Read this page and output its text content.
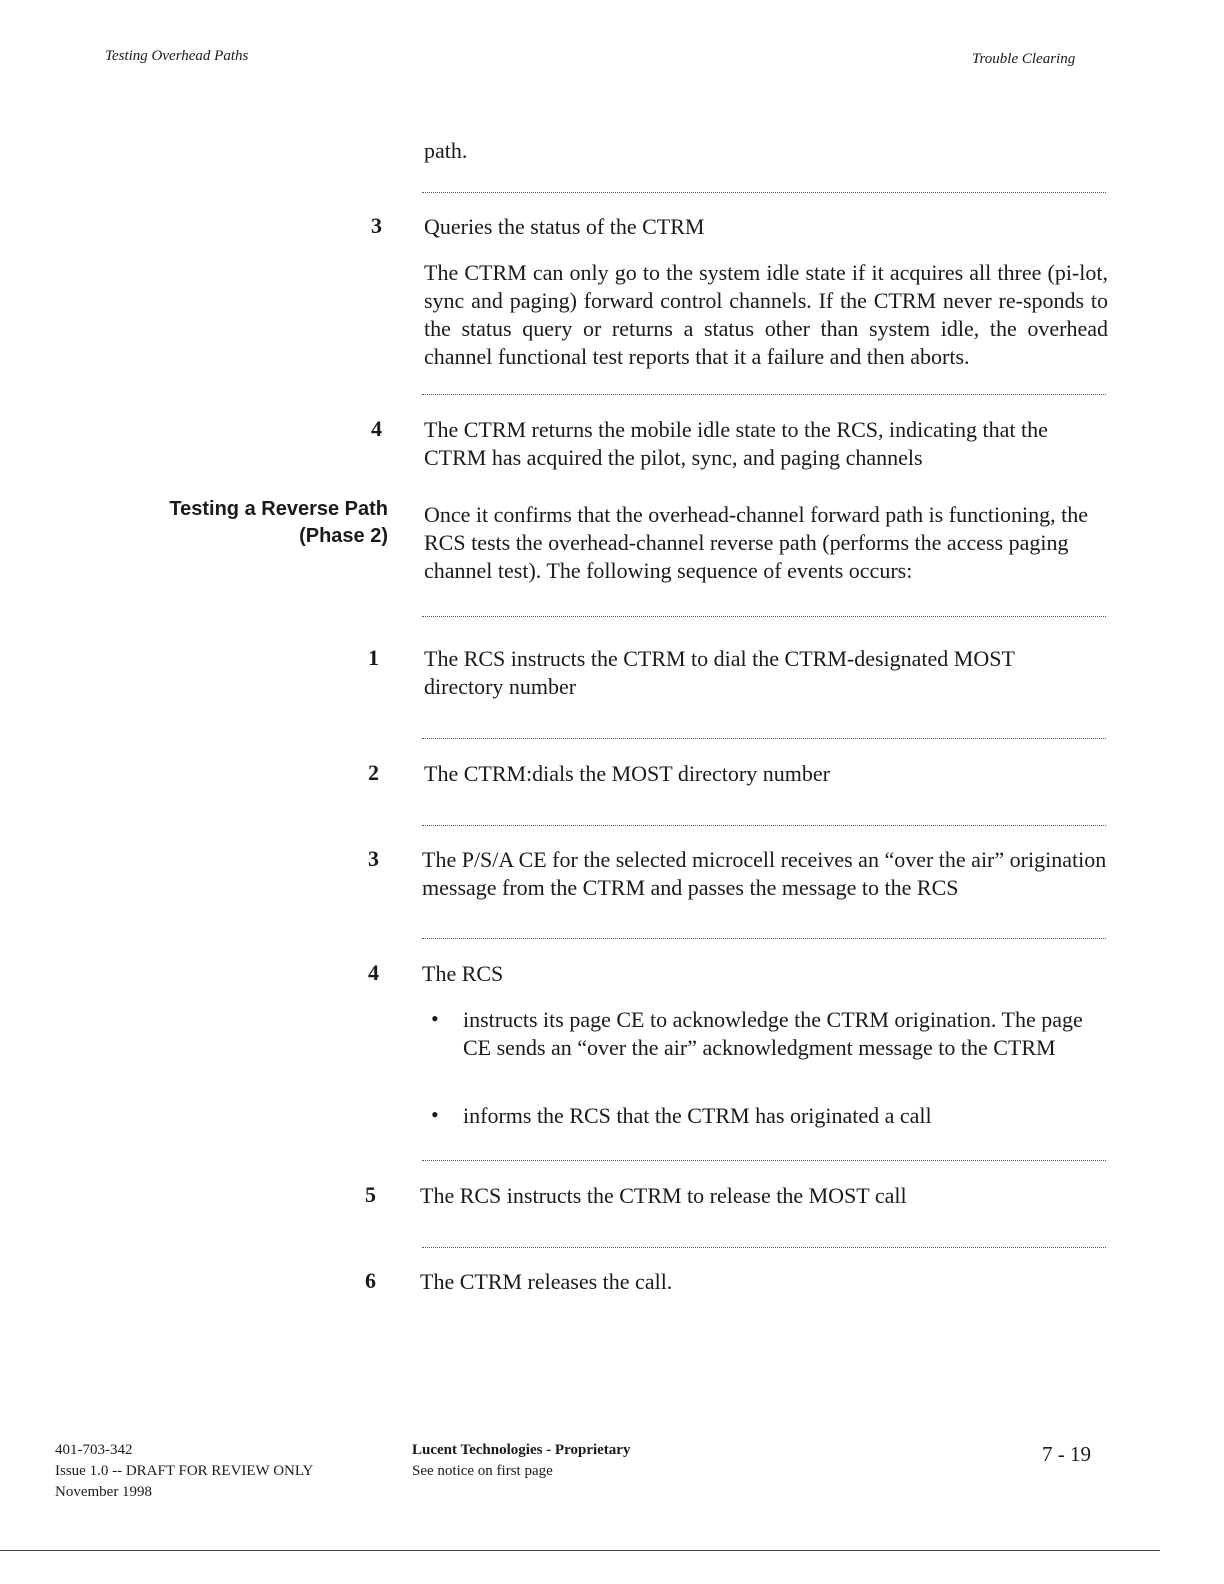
Testing Overhead Paths	Trouble Clearing
path.
3 Queries the status of the CTRM
The CTRM can only go to the system idle state if it acquires all three (pi-lot, sync and paging) forward control channels. If the CTRM never re-sponds to the status query or returns a status other than system idle, the overhead channel functional test reports that it a failure and then aborts.
4 The CTRM returns the mobile idle state to the RCS, indicating that the CTRM has acquired the pilot, sync, and paging channels
Testing a Reverse Path
(Phase 2)
Once it confirms that the overhead-channel forward path is functioning, the RCS tests the overhead-channel reverse path (performs the access paging channel test). The following sequence of events occurs:
1 The RCS instructs the CTRM to dial the CTRM-designated MOST directory number
2 The CTRM:dials the MOST directory number
3 The P/S/A CE for the selected microcell receives an “over the air” origination message from the CTRM and passes the message to the RCS
4 The RCS
• instructs its page CE to acknowledge the CTRM origination. The page CE sends an “over the air” acknowledgment message to the CTRM
• informs the RCS that the CTRM has originated a call
5 The RCS instructs the CTRM to release the MOST call
6 The CTRM releases the call.
401-703-342
Issue 1.0 -- DRAFT FOR REVIEW ONLY
November 1998
Lucent Technologies - Proprietary
See notice on first page
7 - 19
